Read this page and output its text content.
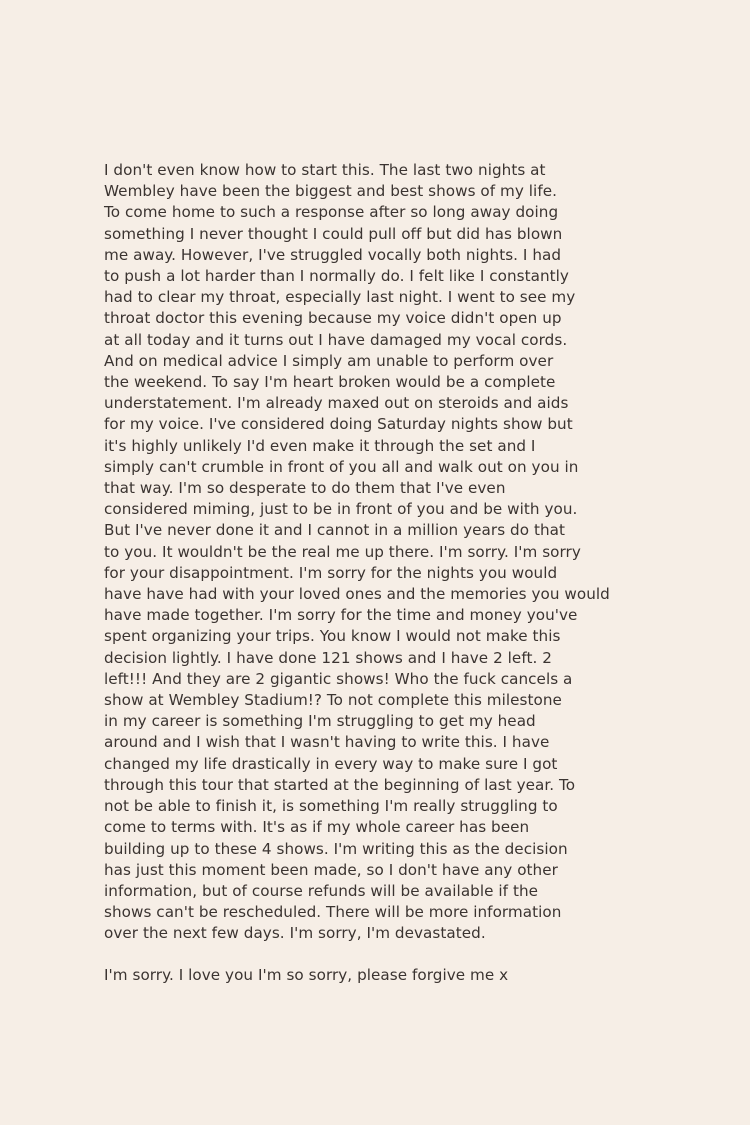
I don't even know how to start this. The last two nights at
Wembley have been the biggest and best shows of my life.
To come home to such a response after so long away doing
something I never thought I could pull off but did has blown
me away. However, I've struggled vocally both nights. I had
to push a lot harder than I normally do. I felt like I constantly
had to clear my throat, especially last night. I went to see my
throat doctor this evening because my voice didn't open up
at all today and it turns out I have damaged my vocal cords.
And on medical advice I simply am unable to perform over
the weekend. To say I'm heart broken would be a complete
understatement. I'm already maxed out on steroids and aids
for my voice. I've considered doing Saturday nights show but
it's highly unlikely I'd even make it through the set and I
simply can't crumble in front of you all and walk out on you in
that way. I'm so desperate to do them that I've even
considered miming, just to be in front of you and be with you.
But I've never done it and I cannot in a million years do that
to you. It wouldn't be the real me up there. I'm sorry. I'm sorry
for your disappointment. I'm sorry for the nights you would
have have had with your loved ones and the memories you would
have made together. I'm sorry for the time and money you've
spent organizing your trips. You know I would not make this
decision lightly. I have done 121 shows and I have 2 left. 2
left!!! And they are 2 gigantic shows! Who the fuck cancels a
show at Wembley Stadium!? To not complete this milestone
in my career is something I'm struggling to get my head
around and I wish that I wasn't having to write this. I have
changed my life drastically in every way to make sure I got
through this tour that started at the beginning of last year. To
not be able to finish it, is something I'm really struggling to
come to terms with. It's as if my whole career has been
building up to these 4 shows. I'm writing this as the decision
has just this moment been made, so I don't have any other
information, but of course refunds will be available if the
shows can't be rescheduled. There will be more information
over the next few days. I'm sorry, I'm devastated.
I'm sorry. I love you I'm so sorry, please forgive me x
